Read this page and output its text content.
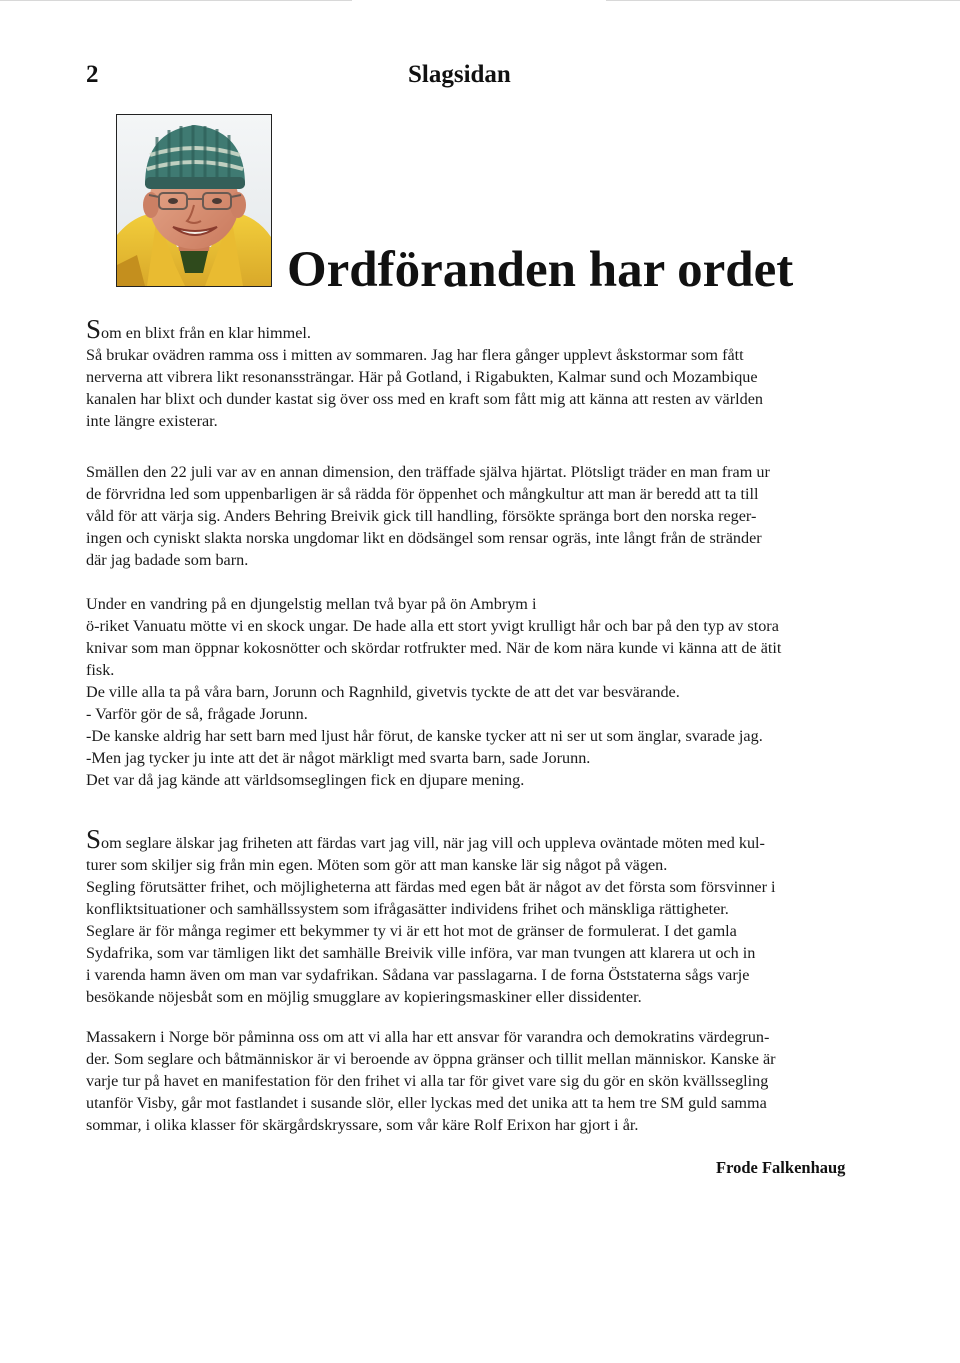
2	Slagsidan
Ordföranden har ordet
Som en blixt från en klar himmel.
Så brukar ovädren ramma oss i mitten av sommaren. Jag har flera gånger upplevt åskstormar som fått
nerverna att vibrera likt resonanssträngar. Här på Gotland, i Rigabukten, Kalmar sund och Mozambique
kanalen har blixt och dunder kastat sig över oss med en kraft som fått mig att känna att resten av världen
inte längre existerar.
Smällen den 22 juli var av en annan dimension, den träffade själva hjärtat. Plötsligt träder en man fram ur
de förvridna led som uppenbarligen är så rädda för öppenhet och mångkultur att man är beredd att ta till
våld för att värja sig. Anders Behring Breivik gick till handling, försökte spränga bort den norska reger-
ingen och cyniskt slakta norska ungdomar likt en dödsängel som rensar ogräs, inte långt från de stränder
där jag badade som barn.
Under en vandring på en djungelstig mellan två byar på ön Ambrym i
ö-riket Vanuatu mötte vi en skock ungar. De hade alla ett stort yvigt krulligt hår och bar på den typ av stora
knivar som man öppnar kokosnötter och skördar rotfrukter med. När de kom nära kunde vi känna att de ätit
fisk.
De ville alla ta på våra barn, Jorunn och Ragnhild, givetvis tyckte de att det var besvärande.
- Varför gör de så, frågade Jorunn.
-De kanske aldrig har sett barn med ljust hår förut, de kanske tycker att ni ser ut som änglar, svarade jag.
-Men jag tycker ju inte att det är något märkligt med svarta barn, sade Jorunn.
Det var då jag kände att världsomseglingen fick en djupare mening.
Som seglare älskar jag friheten att färdas vart jag vill, när jag vill och uppleva oväntade möten med kul-
turer som skiljer sig från min egen. Möten som gör att man kanske lär sig något på vägen.
Segling förutsätter frihet, och möjligheterna att färdas med egen båt är något av det första som försvinner i
konfliktsituationer och samhällssystem som ifrågasätter individens frihet och mänskliga rättigheter.
Seglare är för många regimer ett bekymmer ty vi är ett hot mot de gränser de formulerat. I det gamla
Sydafrika, som var tämligen likt det samhälle Breivik ville införa, var man tvungen att klarera ut och in
i varenda hamn även om man var sydafrikan. Sådana var passlagarna. I de forna Öststaterna sågs varje
besökande nöjesbåt som en möjlig smugglare av kopieringsmaskiner eller dissidenter.
Massakern i Norge bör påminna oss om att vi alla har ett ansvar för varandra och demokratins värdegrun-
der. Som seglare och båtmänniskor är vi beroende av öppna gränser och tillit mellan människor. Kanske är
varje tur på havet en manifestation för den frihet vi alla tar för givet vare sig du gör en skön kvällssegling
utanför Visby, går mot fastlandet i susande slör, eller lyckas med det unika att ta hem tre SM guld samma
sommar, i olika klasser för skärgårdskryssare, som vår käre Rolf Erixon har gjort i år.
Frode Falkenhaug
